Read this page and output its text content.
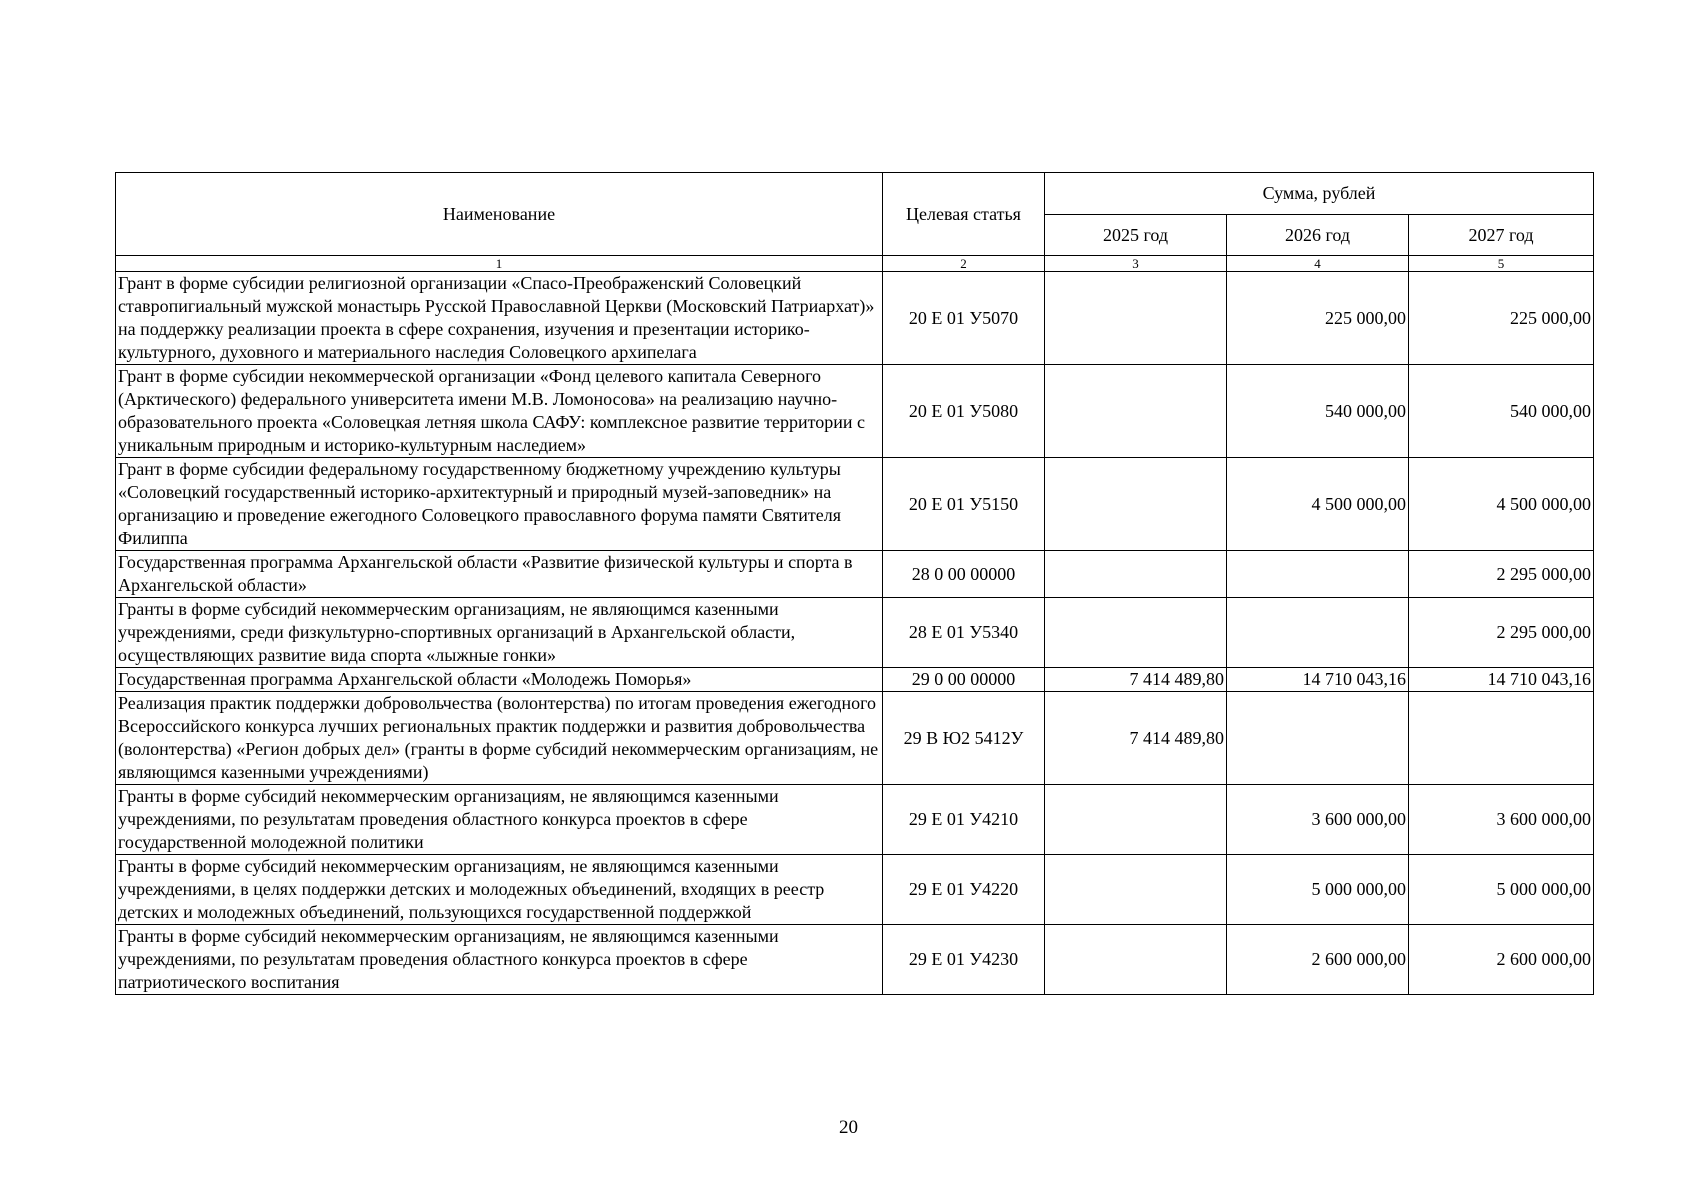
Наименование	Целевая статья	Сумма, рублей		
		2025 год	2026 год	2027 год
1	2	3	4	5
Грант в форме субсидии религиозной организации «Спасо-Преображенский Соловецкий ставропигиальный мужской монастырь Русской Православной Церкви (Московский Патриархат)» на поддержку реализации проекта в сфере сохранения, изучения и презентации историко-культурного, духовного и материального наследия Соловецкого архипелага	20 Е 01 У5070		225 000,00	225 000,00
Грант в форме субсидии некоммерческой организации «Фонд целевого капитала Северного (Арктического) федерального университета имени М.В. Ломоносова» на реализацию научно-образовательного проекта «Соловецкая летняя школа САФУ: комплексное развитие территории с уникальным природным и историко-культурным наследием»	20 Е 01 У5080		540 000,00	540 000,00
Грант в форме субсидии федеральному государственному бюджетному учреждению культуры «Соловецкий государственный историко-архитектурный и природный музей-заповедник» на организацию и проведение ежегодного Соловецкого православного форума памяти Святителя Филиппа	20 Е 01 У5150		4 500 000,00	4 500 000,00
Государственная программа Архангельской области «Развитие физической культуры и спорта в Архангельской области»	28 0 00 00000			2 295 000,00
Гранты в форме субсидий некоммерческим организациям, не являющимся казенными учреждениями, среди физкультурно-спортивных организаций в Архангельской области, осуществляющих развитие вида спорта «лыжные гонки»	28 Е 01 У5340			2 295 000,00
Государственная программа Архангельской области «Молодежь Поморья»	29 0 00 00000	7 414 489,80	14 710 043,16	14 710 043,16
Реализация практик поддержки добровольчества (волонтерства) по итогам проведения ежегодного Всероссийского конкурса лучших региональных практик поддержки и развития добровольчества (волонтерства) «Регион добрых дел» (гранты в форме субсидий некоммерческим организациям, не являющимся казенными учреждениями)	29 В Ю2 5412У	7 414 489,80		
Гранты в форме субсидий некоммерческим организациям, не являющимся казенными учреждениями, по результатам проведения областного конкурса проектов в сфере государственной молодежной политики	29 Е 01 У4210		3 600 000,00	3 600 000,00
Гранты в форме субсидий некоммерческим организациям, не являющимся казенными учреждениями, в целях поддержки детских и молодежных объединений, входящих в реестр детских и молодежных объединений, пользующихся государственной поддержкой	29 Е 01 У4220		5 000 000,00	5 000 000,00
Гранты в форме субсидий некоммерческим организациям, не являющимся казенными учреждениями, по результатам проведения областного конкурса проектов в сфере патриотического воспитания	29 Е 01 У4230		2 600 000,00	2 600 000,00
20
